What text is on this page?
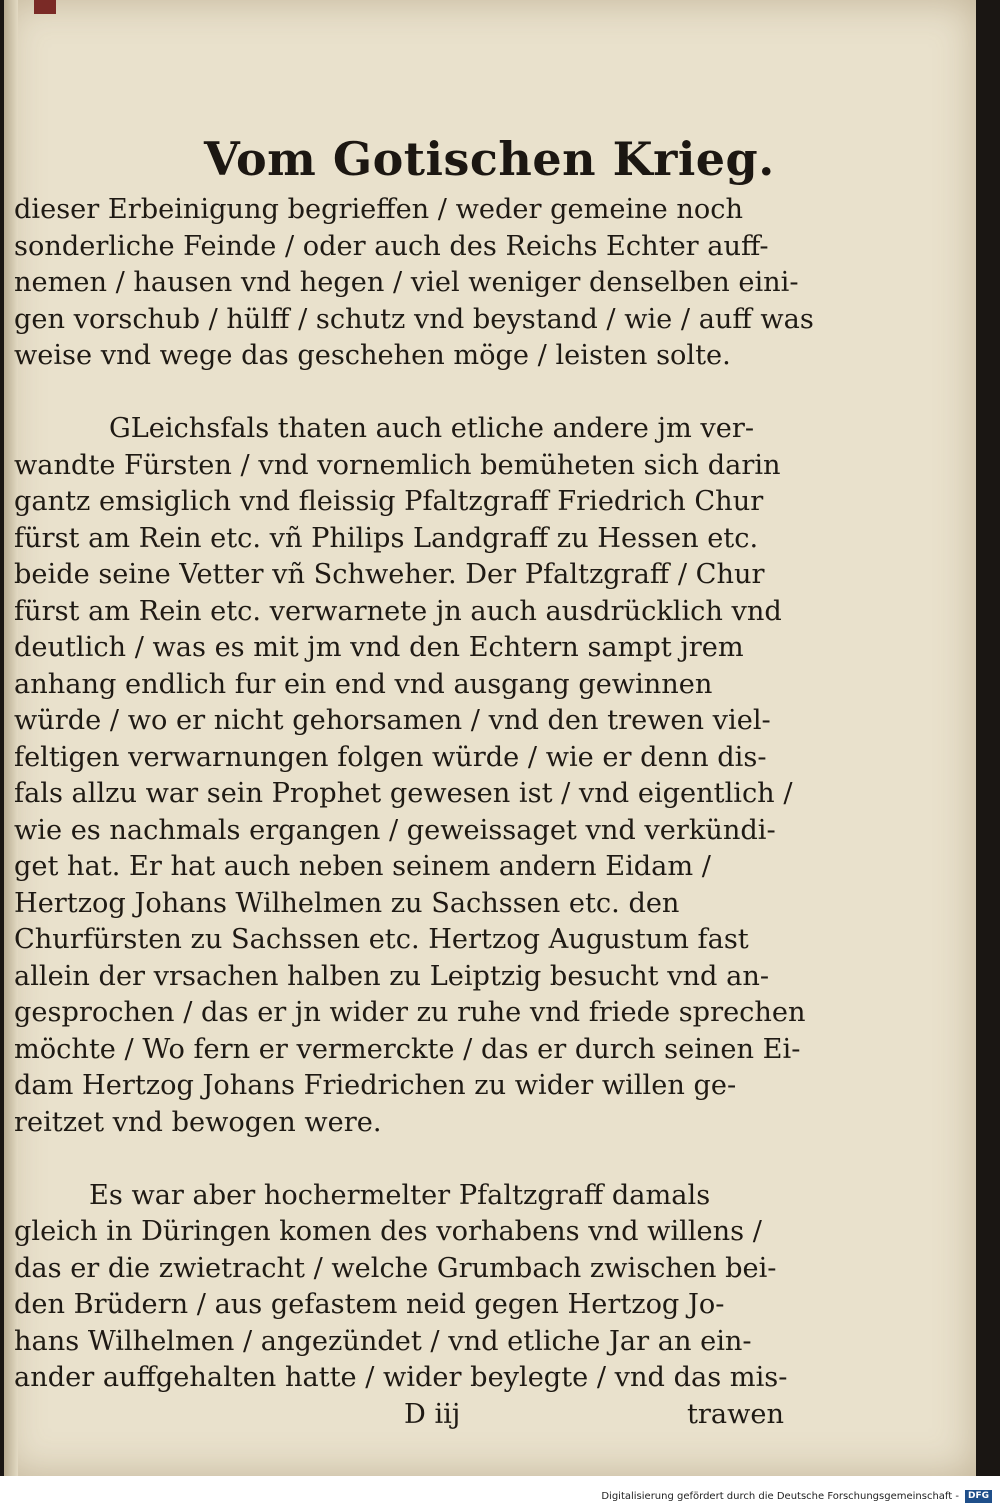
Vom Gotischen Krieg.
dieser Erbeinigung begrieffen / weder gemeine noch
sonderliche Feinde / oder auch des Reichs Echter auff-
nemen / hausen vnd hegen / viel weniger denselben eini-
gen vorschub / hülff / schutz vnd beystand / wie / auff was
weise vnd wege das geschehen möge / leisten solte.
GLeichsfals thaten auch etliche andere jm ver-
wandte Fürsten / vnd vornemlich bemüheten sich darin
gantz emsiglich vnd fleissig Pfaltzgraff Friedrich Chur
fürst am Rein etc. vñ Philips Landgraff zu Hessen etc.
beide seine Vetter vñ Schweher. Der Pfaltzgraff / Chur
fürst am Rein etc. verwarnete jn auch ausdrücklich vnd
deutlich / was es mit jm vnd den Echtern sampt jrem
anhang endlich fur ein end vnd ausgang gewinnen
würde / wo er nicht gehorsamen / vnd den trewen viel-
feltigen verwarnungen folgen würde / wie er denn dis-
fals allzu war sein Prophet gewesen ist / vnd eigentlich /
wie es nachmals ergangen / geweissaget vnd verkündi-
get hat. Er hat auch neben seinem andern Eidam /
Hertzog Johans Wilhelmen zu Sachssen etc. den
Churfürsten zu Sachssen etc. Hertzog Augustum fast
allein der vrsachen halben zu Leiptzig besucht vnd an-
gesprochen / das er jn wider zu ruhe vnd friede sprechen
möchte / Wo fern er vermerckte / das er durch seinen Ei-
dam Hertzog Johans Friedrichen zu wider willen ge-
reitzet vnd bewogen were.
Es war aber hochermelter Pfaltzgraff damals
gleich in Düringen komen des vorhabens vnd willens /
das er die zwietracht / welche Grumbach zwischen bei-
den Brüdern / aus gefastem neid gegen Hertzog Jo-
hans Wilhelmen / angezündet / vnd etliche Jar an ein-
ander auffgehalten hatte / wider beylegte / vnd das mis-
D iij	trawen
Digitalisierung gefördert durch die Deutsche Forschungsgemeinschaft -	DFG
